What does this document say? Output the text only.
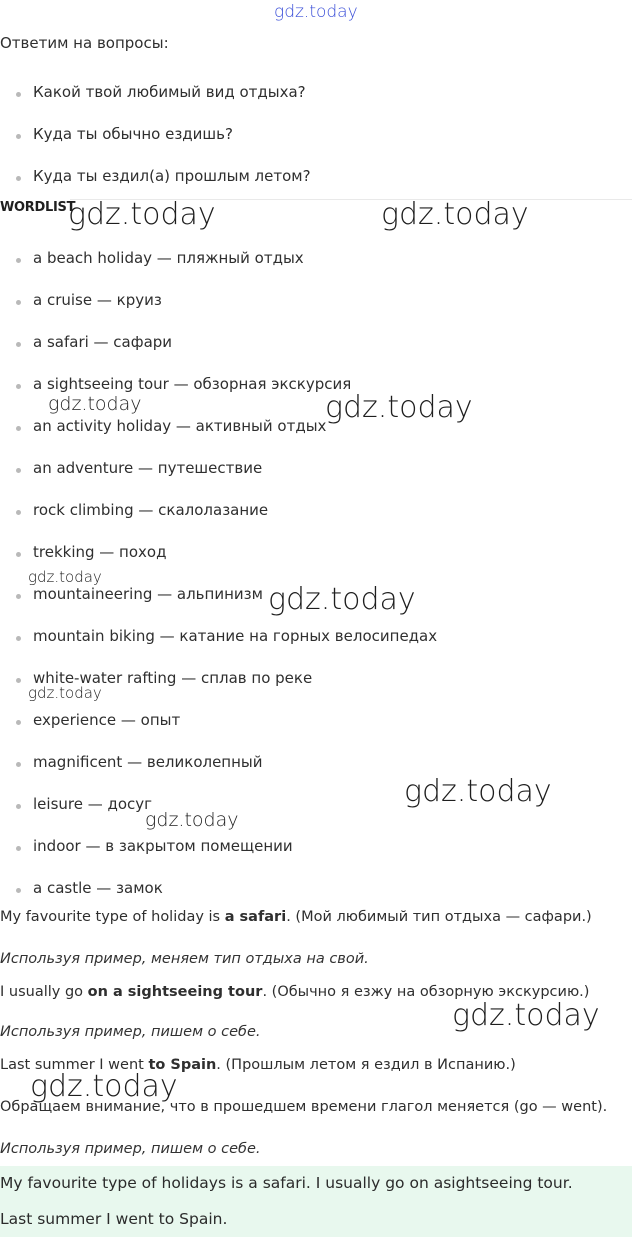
gdz.today
Ответим на вопросы:
Какой твой любимый вид отдыха?
Куда ты обычно ездишь?
Куда ты ездил(а) прошлым летом?
WORDLIST
a beach holiday — пляжный отдых
a cruise — круиз
a safari — сафари
a sightseeing tour — обзорная экскурсия
an activity holiday — активный отдых
an adventure — путешествие
rock climbing — скалолазание
trekking — поход
mountaineering — альпинизм
mountain biking — катание на горных велосипедах
white-water rafting — сплав по реке
experience — опыт
magnificent — великолепный
leisure — досуг
indoor — в закрытом помещении
a castle — замок
My favourite type of holiday is a safari. (Мой любимый тип отдыха — сафари.)
Используя пример, меняем тип отдыха на свой.
I usually go on a sightseeing tour. (Обычно я езжу на обзорную экскурсию.)
Используя пример, пишем о себе.
Last summer I went to Spain. (Прошлым летом я ездил в Испанию.)
Обращаем внимание, что в прошедшем времени глагол меняется (go — went).
Используя пример, пишем о себе.
My favourite type of holidays is a safari. I usually go on asightseeing tour.
Last summer I went to Spain.
gdz.today	gdz.today
gdz.today	gdz.today
gdz.today
gdz.today
gdz.today
gdz.today
gdz.today
gdz.today
gdz.today
